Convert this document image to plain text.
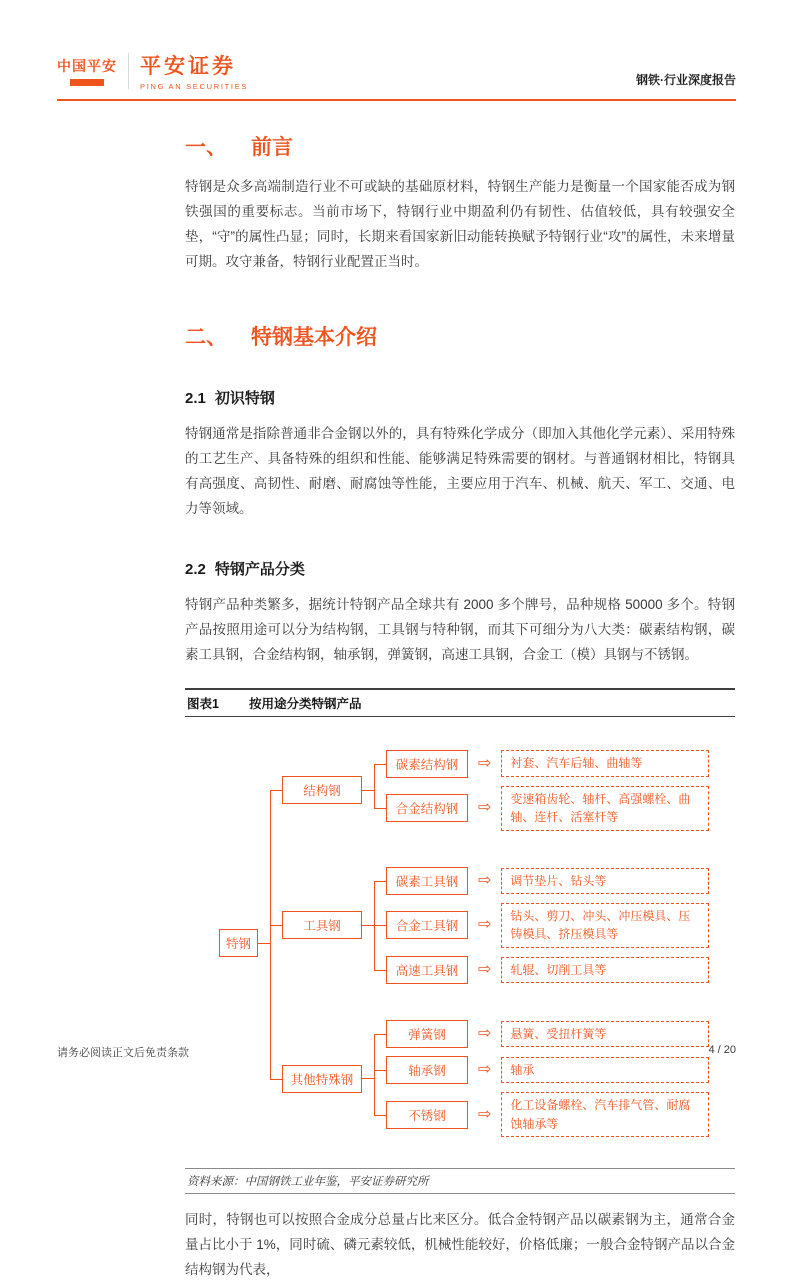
中国平安 平安证券
PING AN SECURITIES	钢铁·行业深度报告
一、 前言

特钢是众多高端制造行业不可或缺的基础原材料，特钢生产能力是衡量一个国家能否成为钢铁强国的重要标志。当前市场下，特钢行业中期盈利仍有韧性、估值较低，具有较强安全垫，“守”的属性凸显；同时，长期来看国家新旧动能转换赋予特钢行业“攻”的属性，未来增量可期。攻守兼备，特钢行业配置正当时。

二、 特钢基本介绍
2.1 初识特钢

特钢通常是指除普通非合金钢以外的，具有特殊化学成分（即加入其他化学元素）、采用特殊的工艺生产、具备特殊的组织和性能、能够满足特殊需要的钢材。与普通钢材相比，特钢具有高强度、高韧性、耐磨、耐腐蚀等性能，主要应用于汽车、机械、航天、军工、交通、电力等领域。

2.2 特钢产品分类

特钢产品种类繁多，据统计特钢产品全球共有 2000 多个牌号，品种规格 50000 多个。特钢产品按照用途可以分为结构钢，工具钢与特种钢，而其下可细分为八大类：碳素结构钢，碳素工具钢，合金结构钢，轴承钢，弹簧钢，高速工具钢，合金工（模）具钢与不锈钢。

图表1 按用途分类特钢产品
特钢
结构钢
碳素结构钢	⇨	衬套、汽车后轴、曲轴等
合金结构钢	⇨
变速箱齿轮、轴杆、高强螺栓、曲轴、连杆、活塞杆等
工具钢
碳素工具钢	⇨	调节垫片、钻头等
合金工具钢	⇨
钻头、剪刀、冲头、冲压模具、压铸模具、挤压模具等
高速工具钢	⇨	轧辊、切削工具等
其他特殊钢
弹簧钢	⇨	悬簧、受扭杆簧等
轴承钢	⇨	轴承
不锈钢	⇨
化工设备螺栓、汽车排气管、耐腐蚀轴承等
资料来源：中国钢铁工业年鉴，平安证券研究所

同时，特钢也可以按照合金成分总量占比来区分。低合金特钢产品以碳素钢为主，通常合金量占比小于 1%，同时硫、磷元素较低，机械性能较好，价格低廉；一般合金特钢产品以合金结构钢为代表，

请务必阅读正文后免责条款	4 / 20
